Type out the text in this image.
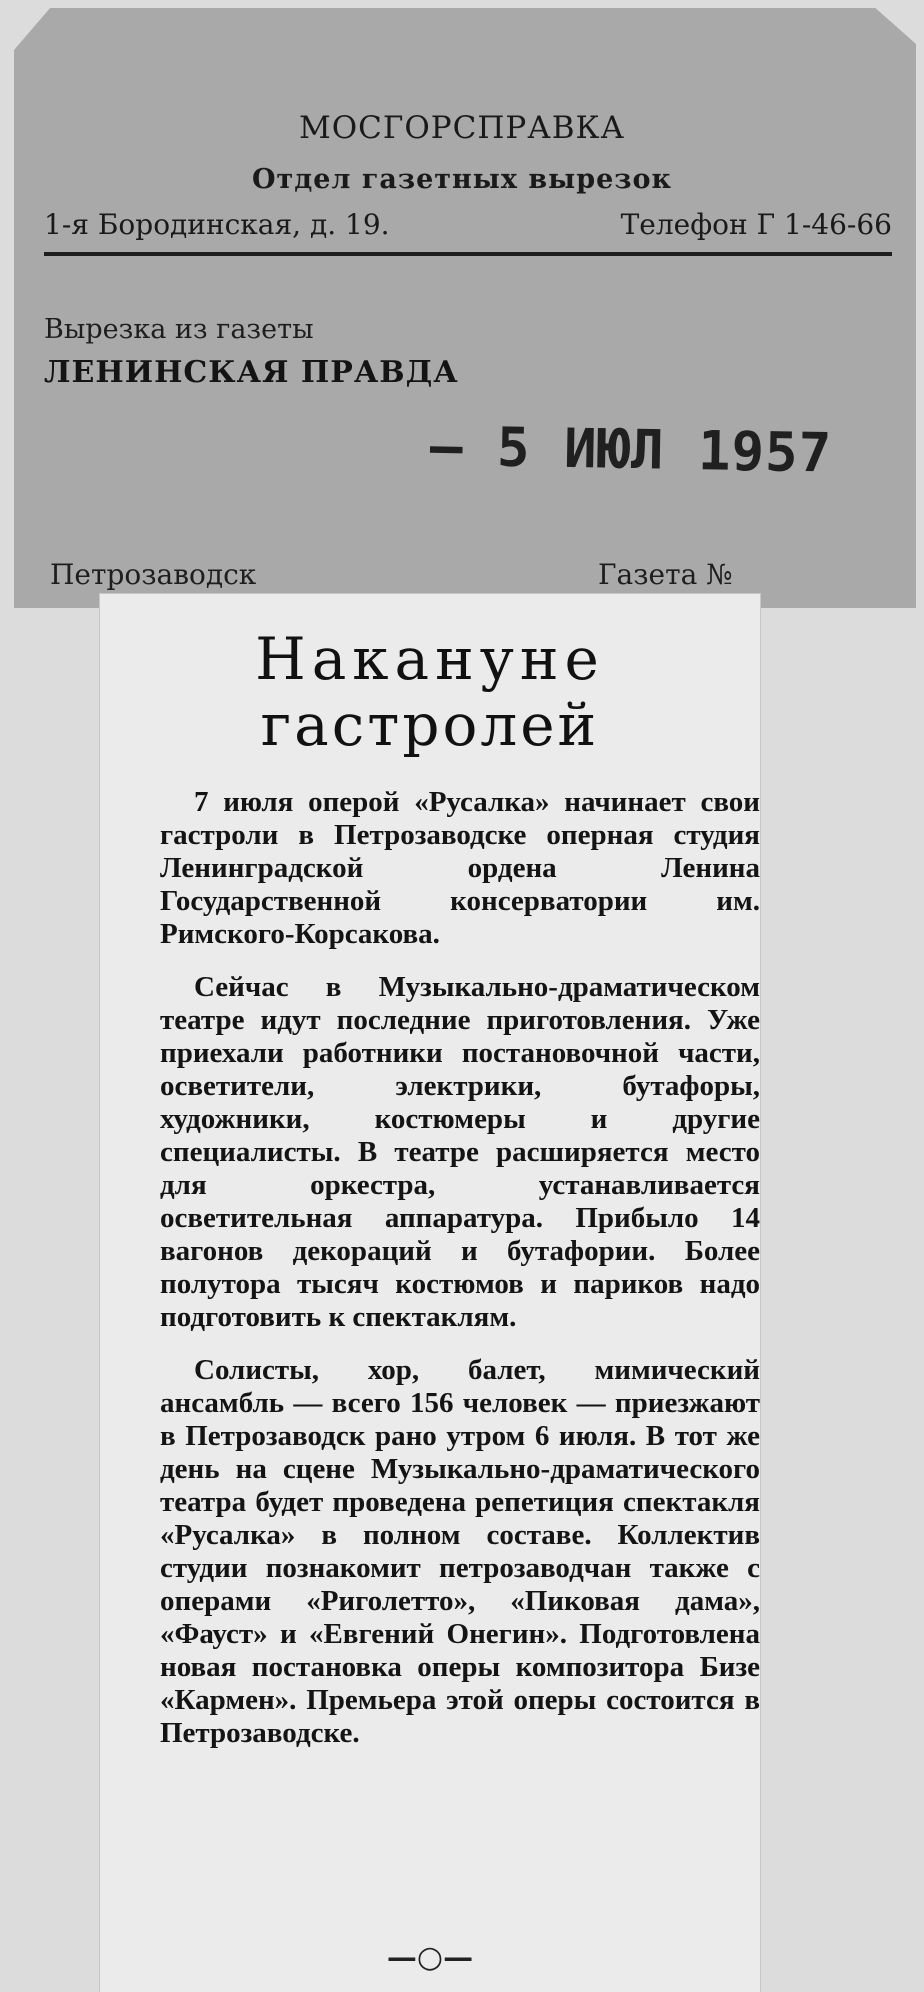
МОСГОРСПРАВКА
Отдел газетных вырезок
1-я Бородинская, д. 19.	Телефон Г 1-46-66
Вырезка из газеты
ЛЕНИНСКАЯ ПРАВДА
– 5 ИЮЛ 1957
Петрозаводск	Газета №
Накануне
гастролей

7 июля оперой «Русалка» начинает свои гастроли в Петрозаводске оперная студия Ленинградской ордена Ленина Государственной консерватории им. Римского-Корсакова.

Сейчас в Музыкально-драматическом театре идут последние приготовления. Уже приехали работники постановочной части, осветители, электрики, бутафоры, художники, костюмеры и другие специалисты. В театре расширяется место для оркестра, устанавливается осветительная аппаратура. Прибыло 14 вагонов декораций и бутафории. Более полутора тысяч костюмов и париков надо подготовить к спектаклям.

Солисты, хор, балет, мимический ансамбль — всего 156 человек — приезжают в Петрозаводск рано утром 6 июля. В тот же день на сцене Музыкально-драматического театра будет проведена репетиция спектакля «Русалка» в полном составе. Коллектив студии познакомит петрозаводчан также с операми «Риголетто», «Пиковая дама», «Фауст» и «Евгений Онегин». Подготовлена новая постановка оперы композитора Бизе «Кармен». Премьера этой оперы состоится в Петрозаводске.

—○—
